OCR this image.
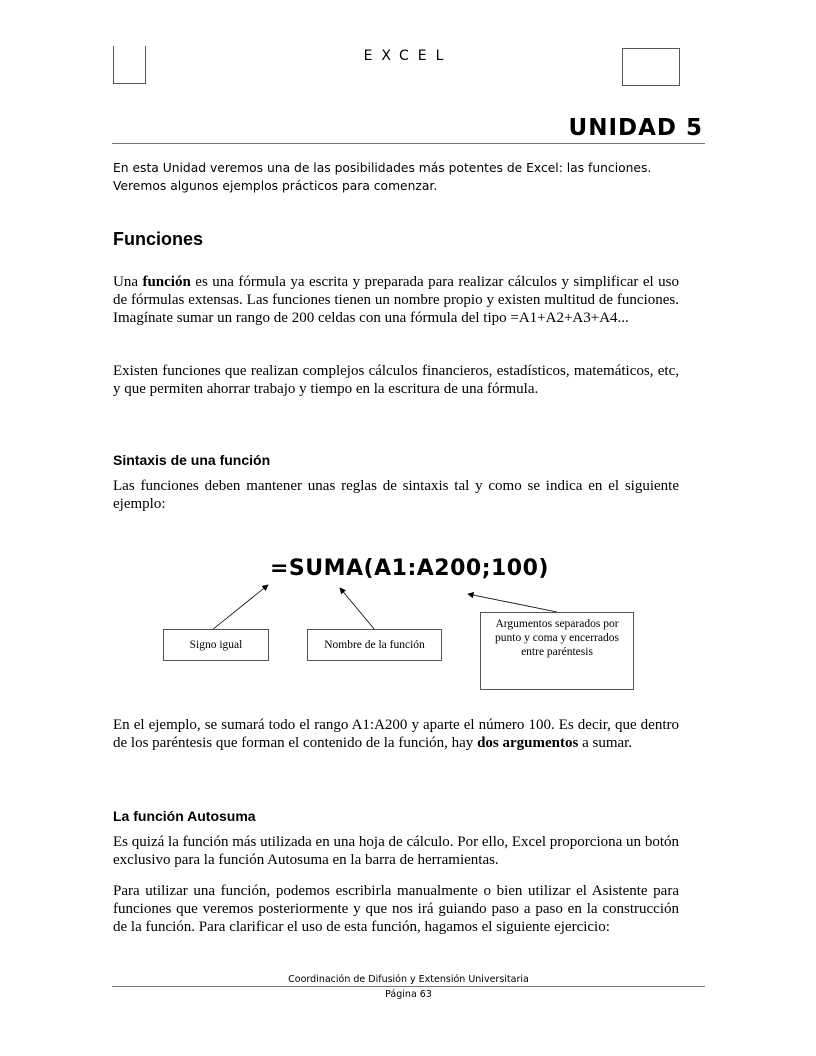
EXCEL
UNIDAD 5
En esta Unidad veremos una de las posibilidades más potentes de Excel: las funciones. Veremos algunos ejemplos prácticos para comenzar.
Funciones

Una función es una fórmula ya escrita y preparada para realizar cálculos y simplificar el uso de fórmulas extensas. Las funciones tienen un nombre propio y existen multitud de funciones. Imagínate sumar un rango de 200 celdas con una fórmula del tipo =A1+A2+A3+A4...

Existen funciones que realizan complejos cálculos financieros, estadísticos, matemáticos, etc, y que permiten ahorrar trabajo y tiempo en la escritura de una fórmula.

Sintaxis de una función

Las funciones deben mantener unas reglas de sintaxis tal y como se indica en el siguiente ejemplo:

=SUMA(A1:A200;100)
Signo igual	Nombre de la función
Argumentos separados por punto y coma y encerrados entre paréntesis

En el ejemplo, se sumará todo el rango A1:A200 y aparte el número 100. Es decir, que dentro de los paréntesis que forman el contenido de la función, hay dos argumentos a sumar.

La función Autosuma

Es quizá la función más utilizada en una hoja de cálculo. Por ello, Excel proporciona un botón exclusivo para la función Autosuma en la barra de herramientas.

Para utilizar una función, podemos escribirla manualmente o bien utilizar el Asistente para funciones que veremos posteriormente y que nos irá guiando paso a paso en la construcción de la función. Para clarificar el uso de esta función, hagamos el siguiente ejercicio:

Coordinación de Difusión y Extensión Universitaria
Página 63
